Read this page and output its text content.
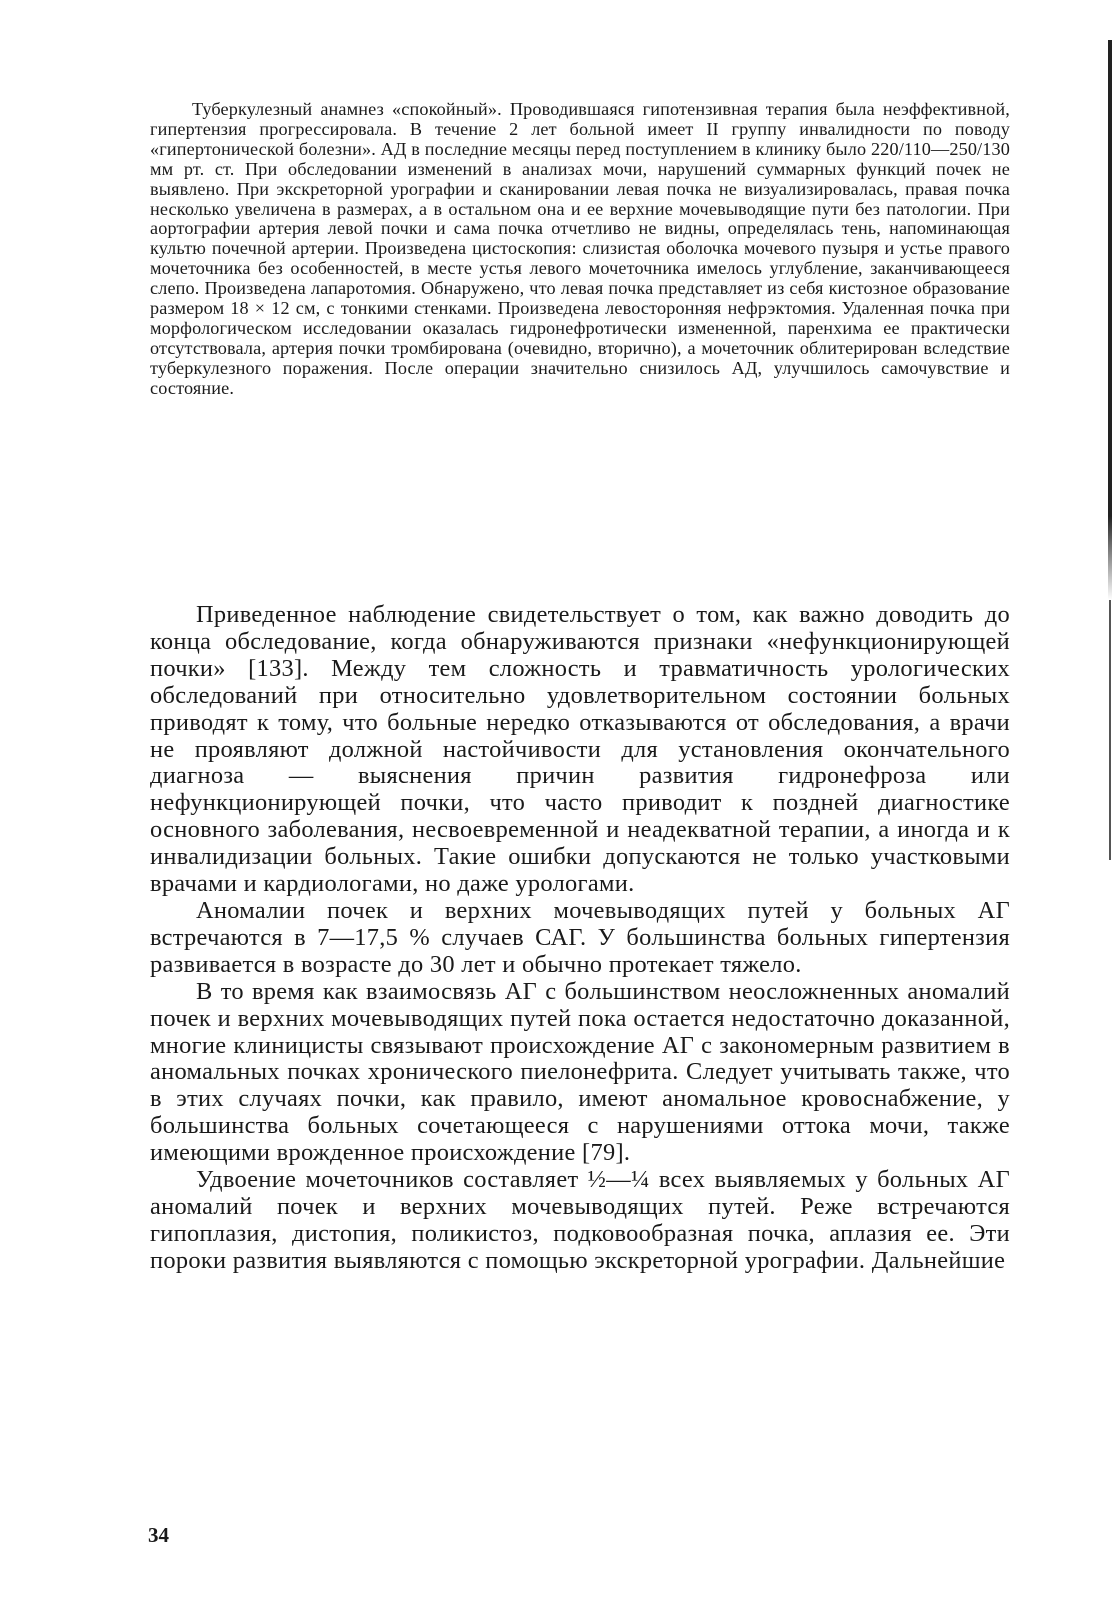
Туберкулезный анамнез «спокойный». Проводившаяся гипотензивная терапия была неэффективной, гипертензия прогрессировала. В течение 2 лет больной имеет II группу инвалидности по поводу «гипертонической болезни». АД в последние месяцы перед поступлением в клинику было 220/110—250/130 мм рт. ст. При обследовании изменений в анализах мочи, нарушений суммарных функций почек не выявлено. При экскреторной урографии и сканировании левая почка не визуализировалась, правая почка несколько увеличена в размерах, а в остальном она и ее верхние мочевыводящие пути без патологии. При аортографии артерия левой почки и сама почка отчетливо не видны, определялась тень, напоминающая культю почечной артерии. Произведена цистоскопия: слизистая оболочка мочевого пузыря и устье правого мочеточника без особенностей, в месте устья левого мочеточника имелось углубление, заканчивающееся слепо. Произведена лапаротомия. Обнаружено, что левая почка представляет из себя кистозное образование размером 18 × 12 см, с тонкими стенками. Произведена левосторонняя нефрэктомия. Удаленная почка при морфологическом исследовании оказалась гидронефротически измененной, паренхима ее практически отсутствовала, артерия почки тромбирована (очевидно, вторично), а мочеточник облитерирован вследствие туберкулезного поражения. После операции значительно снизилось АД, улучшилось самочувствие и состояние.

Приведенное наблюдение свидетельствует о том, как важно доводить до конца обследование, когда обнаруживаются признаки «нефункционирующей почки» [133]. Между тем сложность и травматичность урологических обследований при относительно удовлетворительном состоянии больных приводят к тому, что больные нередко отказываются от обследования, а врачи не проявляют должной настойчивости для установления окончательного диагноза — выяснения причин развития гидронефроза или нефункционирующей почки, что часто приводит к поздней диагностике основного заболевания, несвоевременной и неадекватной терапии, а иногда и к инвалидизации больных. Такие ошибки допускаются не только участковыми врачами и кардиологами, но даже урологами.

Аномалии почек и верхних мочевыводящих путей у больных АГ встречаются в 7—17,5 % случаев САГ. У большинства больных гипертензия развивается в возрасте до 30 лет и обычно протекает тяжело.

В то время как взаимосвязь АГ с большинством неосложненных аномалий почек и верхних мочевыводящих путей пока остается недостаточно доказанной, многие клиницисты связывают происхождение АГ с закономерным развитием в аномальных почках хронического пиелонефрита. Следует учитывать также, что в этих случаях почки, как правило, имеют аномальное кровоснабжение, у большинства больных сочетающееся с нарушениями оттока мочи, также имеющими врожденное происхождение [79].

Удвоение мочеточников составляет ½—¼ всех выявляемых у больных АГ аномалий почек и верхних мочевыводящих путей. Реже встречаются гипоплазия, дистопия, поликистоз, подковообразная почка, аплазия ее. Эти пороки развития выявляются с помощью экскреторной урографии. Дальнейшие

34
